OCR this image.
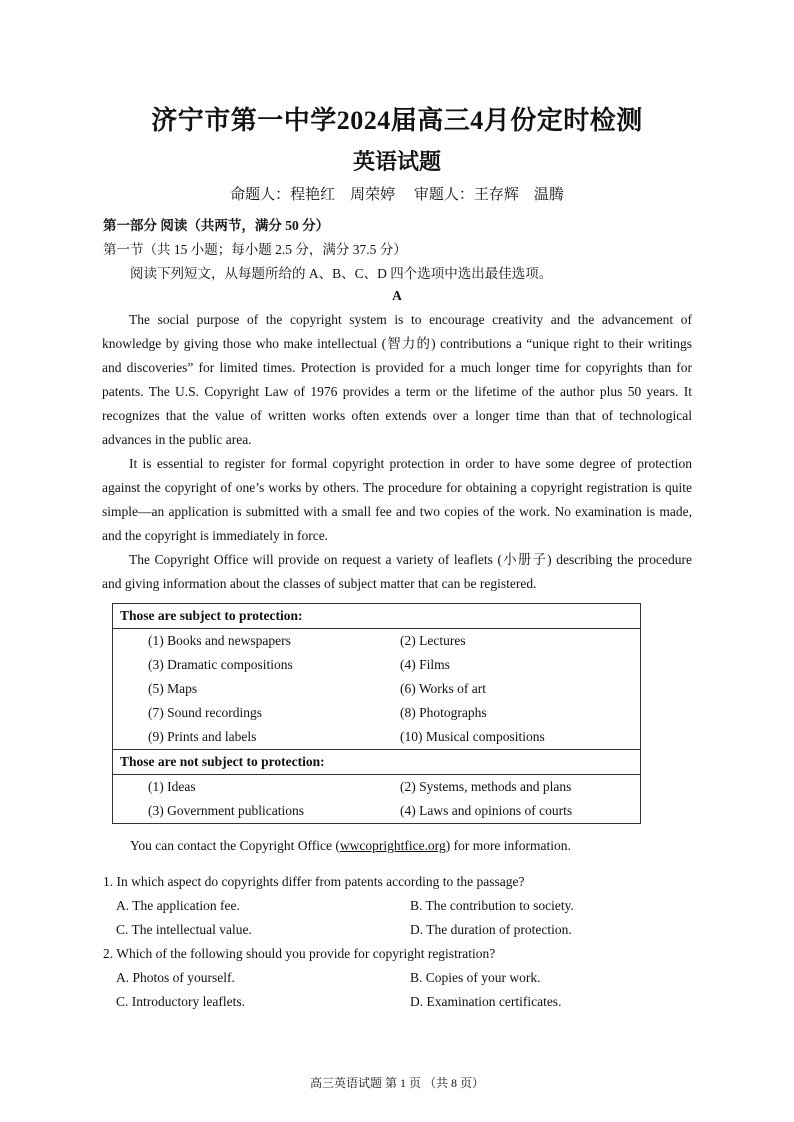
济宁市第一中学2024届高三4月份定时检测
英语试题
命题人：程艳红　周荣婷　 审题人：王存辉　温腾
第一部分 阅读（共两节，满分 50 分）
第一节（共 15 小题；每小题 2.5 分，满分 37.5 分）
阅读下列短文，从每题所给的 A、B、C、D 四个选项中选出最佳选项。
A

The social purpose of the copyright system is to encourage creativity and the advancement of knowledge by giving those who make intellectual (智力的) contributions a “unique right to their writings and discoveries” for limited times. Protection is provided for a much longer time for copyrights than for patents. The U.S. Copyright Law of 1976 provides a term or the lifetime of the author plus 50 years. It recognizes that the value of written works often extends over a longer time than that of technological advances in the public area.

It is essential to register for formal copyright protection in order to have some degree of protection against the copyright of one’s works by others. The procedure for obtaining a copyright registration is quite simple—an application is submitted with a small fee and two copies of the work. No examination is made, and the copyright is immediately in force.

The Copyright Office will provide on request a variety of leaflets (小册子) describing the procedure and giving information about the classes of subject matter that can be registered.

Those are subject to protection:	
(1) Books and newspapers	(2) Lectures
(3) Dramatic compositions	(4) Films
(5) Maps	(6) Works of art
(7) Sound recordings	(8) Photographs
(9) Prints and labels	(10) Musical compositions
Those are not subject to protection:	
(1) Ideas	(2) Systems, methods and plans
(3) Government publications	(4) Laws and opinions of courts
You can contact the Copyright Office (wwcoprightfice.org) for more information.
1. In which aspect do copyrights differ from patents according to the passage?
A. The application fee.	B. The contribution to society.
C. The intellectual value.	D. The duration of protection.
2. Which of the following should you provide for copyright registration?
A. Photos of yourself.	B. Copies of your work.
C. Introductory leaflets.	D. Examination certificates.
高三英语试题 第 1 页 （共 8 页）
